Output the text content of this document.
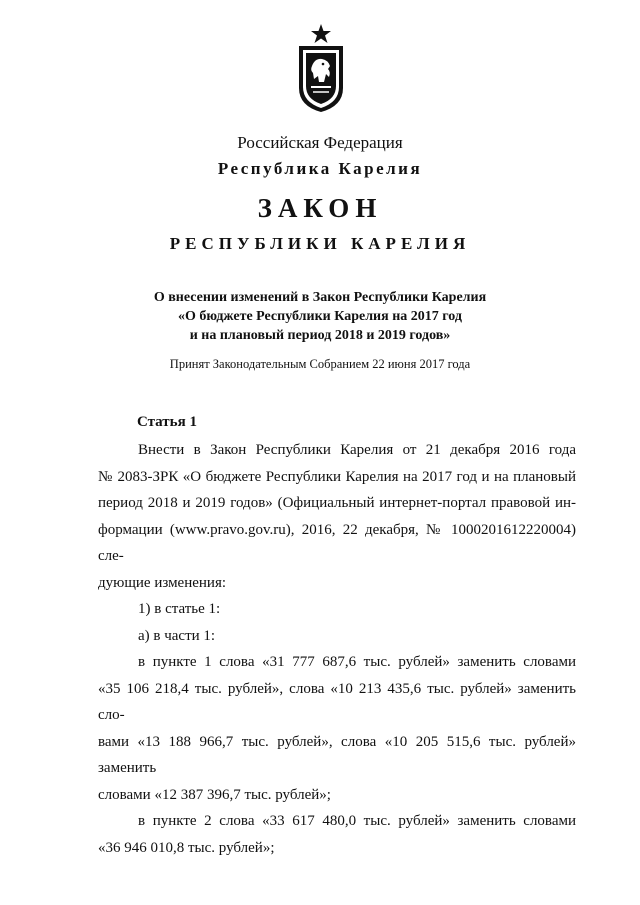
Российская Федерация
Республика Карелия
ЗАКОН
РЕСПУБЛИКИ КАРЕЛИЯ
О внесении изменений в Закон Республики Карелия
«О бюджете Республики Карелия на 2017 год
и на плановый период 2018 и 2019 годов»
Принят Законодательным Собранием 22 июня 2017 года
Статья 1
Внести в Закон Республики Карелия от 21 декабря 2016 года
№ 2083-ЗРК «О бюджете Республики Карелия на 2017 год и на плановый
период 2018 и 2019 годов» (Официальный интернет-портал правовой ин-
формации (www.pravo.gov.ru), 2016, 22 декабря, № 1000201612220004) сле-
дующие изменения:
1) в статье 1:
а) в части 1:
в пункте 1 слова «31 777 687,6 тыс. рублей» заменить словами
«35 106 218,4 тыс. рублей», слова «10 213 435,6 тыс. рублей» заменить сло-
вами «13 188 966,7 тыс. рублей», слова «10 205 515,6 тыс. рублей» заменить
словами «12 387 396,7 тыс. рублей»;
в пункте 2 слова «33 617 480,0 тыс. рублей» заменить словами
«36 946 010,8 тыс. рублей»;
